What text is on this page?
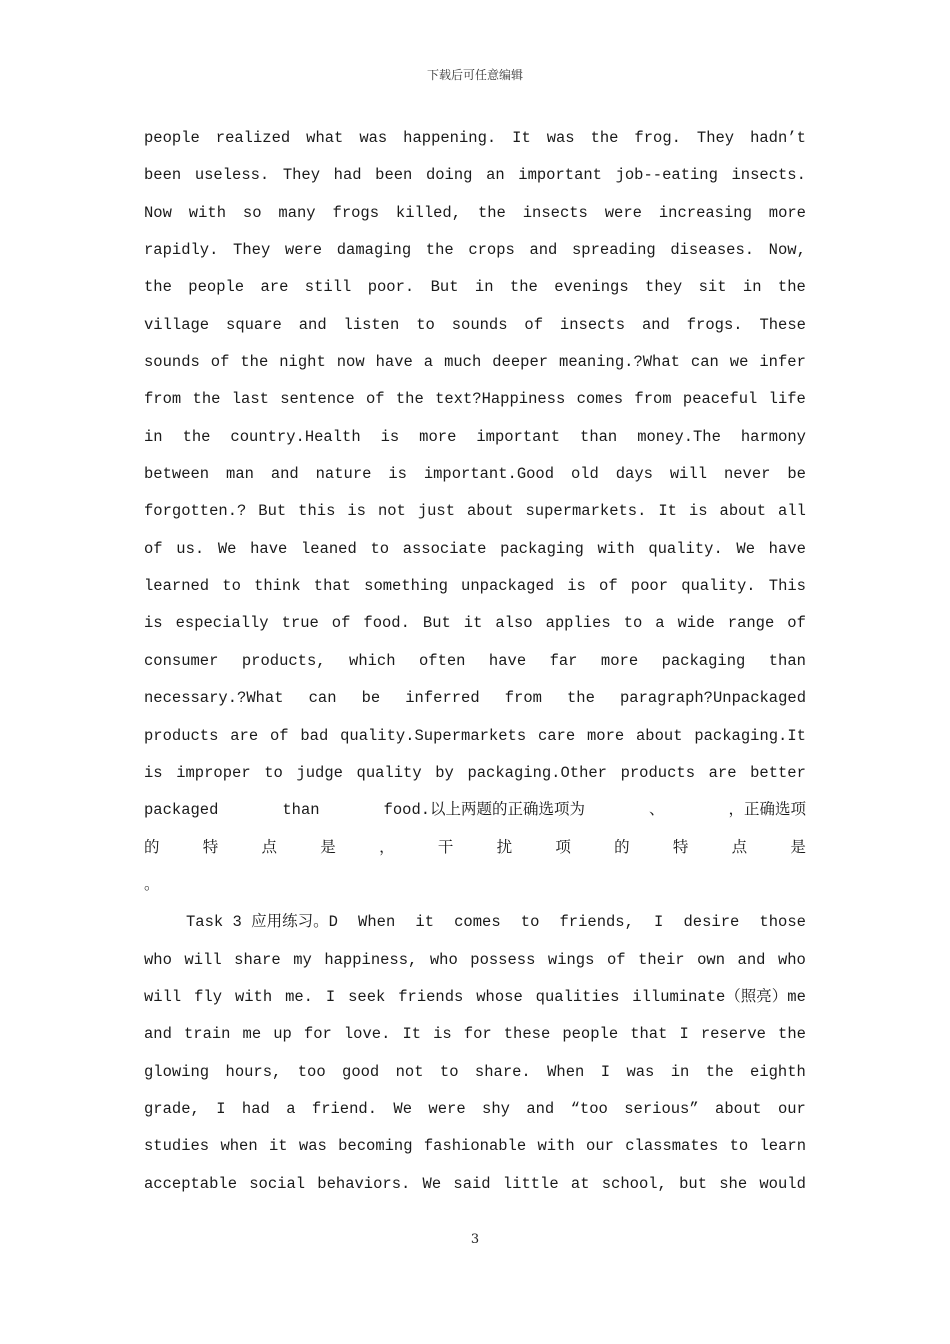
下载后可任意编辑
people realized what was happening. It was the frog. They hadn’t
been useless. They had been doing an important job--eating insects.
Now with so many frogs killed, the insects were increasing more
rapidly. They were damaging the crops and spreading diseases. Now,
the people are still poor. But in the evenings they sit in the
village square and listen to sounds of insects and frogs. These
sounds of the night now have a much deeper meaning.?What can we infer
from the last sentence of the text?Happiness comes from peaceful life
in the country.Health is more important than money.The harmony
between man and nature is important.Good old days will never be
forgotten.? But this is not just about supermarkets. It is about all
of us. We have leaned to associate packaging with quality. We have
learned to think that something unpackaged is of poor quality. This
is especially true of food. But it also applies to a wide range of
consumer products, which often have far more packaging than
necessary.?What can be inferred from the paragraph?Unpackaged
products are of bad quality.Supermarkets care more about packaging.It
is improper to judge quality by packaging.Other products are better
packaged	than	food.以上两题的正确选项为	、	，正确选项
的	特	点	是	，	干	扰	项	的	特	点	是
。
Task 3 应用练习。D When it comes to friends, I desire those
who will share my happiness, who possess wings of their own and who
will fly with me. I seek friends whose qualities illuminate（照亮）me
and train me up for love. It is for these people that I reserve the
glowing hours, too good not to share. When I was in the eighth
grade, I had a friend. We were shy and “too serious” about our
studies when it was becoming fashionable with our classmates to learn
acceptable social behaviors. We said little at school, but she would
3
